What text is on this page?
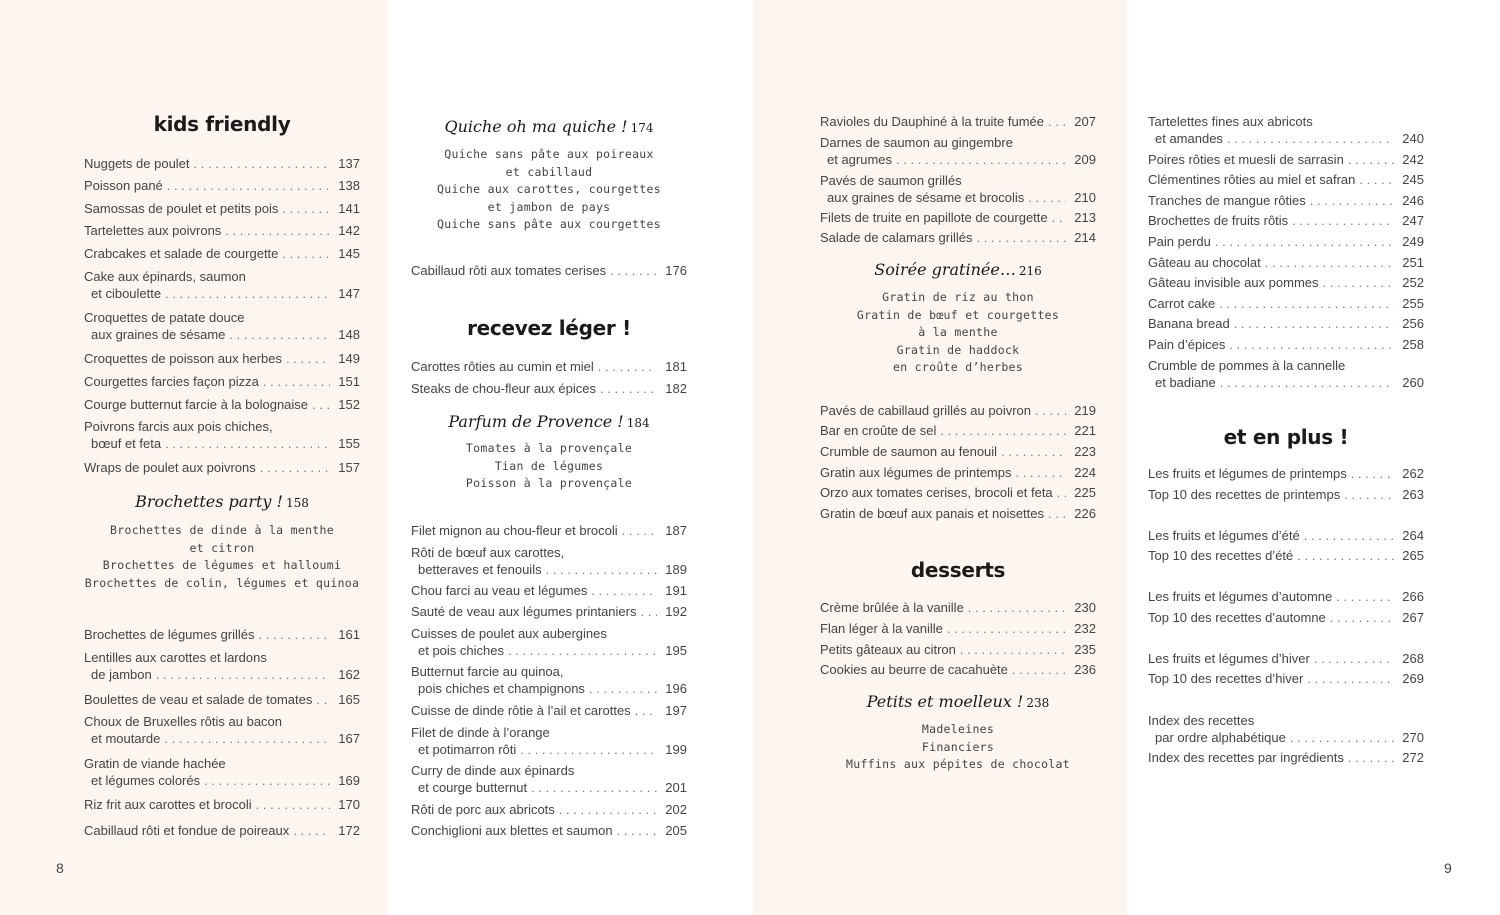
kids friendly
Nuggets de poulet . . .	137
Poisson pané . . .	138
Samossas de poulet et petits pois . . .	141
Tartelettes aux poivrons . . .	142
Crabcakes et salade de courgette . . .	145
Cake aux épinards, saumon
et ciboulette . . .	147
Croquettes de patate douce
aux graines de sésame . . .	148
Croquettes de poisson aux herbes . . .	149
Courgettes farcies façon pizza . . .	151
Courge butternut farcie à la bolognaise . . .	152
Poivrons farcis aux pois chiches,
bœuf et feta . . .	155
Wraps de poulet aux poivrons . . .	157
Brochettes party ! 158
Brochettes de dinde à la menthe
et citron
Brochettes de légumes et halloumi
Brochettes de colin, légumes et quinoa
Brochettes de légumes grillés . . .	161
Lentilles aux carottes et lardons
de jambon . . .	162
Boulettes de veau et salade de tomates . . .	165
Choux de Bruxelles rôtis au bacon
et moutarde . . .	167
Gratin de viande hachée
et légumes colorés . . .	169
Riz frit aux carottes et brocoli . . .	170
Cabillaud rôti et fondue de poireaux . . .	172
Quiche oh ma quiche ! 174
Quiche sans pâte aux poireaux
et cabillaud
Quiche aux carottes, courgettes
et jambon de pays
Quiche sans pâte aux courgettes
Cabillaud rôti aux tomates cerises . . .	176
recevez léger !
Carottes rôties au cumin et miel . . .	181
Steaks de chou-fleur aux épices . . .	182
Parfum de Provence ! 184
Tomates à la provençale
Tian de légumes
Poisson à la provençale
Filet mignon au chou-fleur et brocoli . . .	187
Rôti de bœuf aux carottes,
betteraves et fenouils . . .	189
Chou farci au veau et légumes . . .	191
Sauté de veau aux légumes printaniers . . .	192
Cuisses de poulet aux aubergines
et pois chiches . . .	195
Butternut farcie au quinoa,
pois chiches et champignons . . .	196
Cuisse de dinde rôtie à l’ail et carottes . . .	197
Filet de dinde à l’orange
et potimarron rôti . . .	199
Curry de dinde aux épinards
et courge butternut . . .	201
Rôti de porc aux abricots . . .	202
Conchiglioni aux blettes et saumon . . .	205
Ravioles du Dauphiné à la truite fumée . . .	207
Darnes de saumon au gingembre
et agrumes . . .	209
Pavés de saumon grillés
aux graines de sésame et brocolis . . .	210
Filets de truite en papillote de courgette . . .	213
Salade de calamars grillés . . .	214
Soirée gratinée… 216
Gratin de riz au thon
Gratin de bœuf et courgettes
à la menthe
Gratin de haddock
en croûte d’herbes
Pavés de cabillaud grillés au poivron . . .	219
Bar en croûte de sel . . .	221
Crumble de saumon au fenouil . . .	223
Gratin aux légumes de printemps . . .	224
Orzo aux tomates cerises, brocoli et feta . . .	225
Gratin de bœuf aux panais et noisettes . . .	226
desserts
Crème brûlée à la vanille . . .	230
Flan léger à la vanille . . .	232
Petits gâteaux au citron . . .	235
Cookies au beurre de cacahuète . . .	236
Petits et moelleux ! 238
Madeleines
Financiers
Muffins aux pépites de chocolat
Tartelettes fines aux abricots
et amandes . . .	240
Poires rôties et muesli de sarrasin . . .	242
Clémentines rôties au miel et safran . . .	245
Tranches de mangue rôties . . .	246
Brochettes de fruits rôtis . . .	247
Pain perdu . . .	249
Gâteau au chocolat . . .	251
Gâteau invisible aux pommes . . .	252
Carrot cake . . .	255
Banana bread . . .	256
Pain d’épices . . .	258
Crumble de pommes à la cannelle
et badiane . . .	260
et en plus !
Les fruits et légumes de printemps . . .	262
Top 10 des recettes de printemps . . .	263
Les fruits et légumes d’été . . .	264
Top 10 des recettes d’été . . .	265
Les fruits et légumes d’automne . . .	266
Top 10 des recettes d’automne . . .	267
Les fruits et légumes d’hiver . . .	268
Top 10 des recettes d’hiver . . .	269
Index des recettes
par ordre alphabétique . . .	270
Index des recettes par ingrédients . . .	272
8	9
